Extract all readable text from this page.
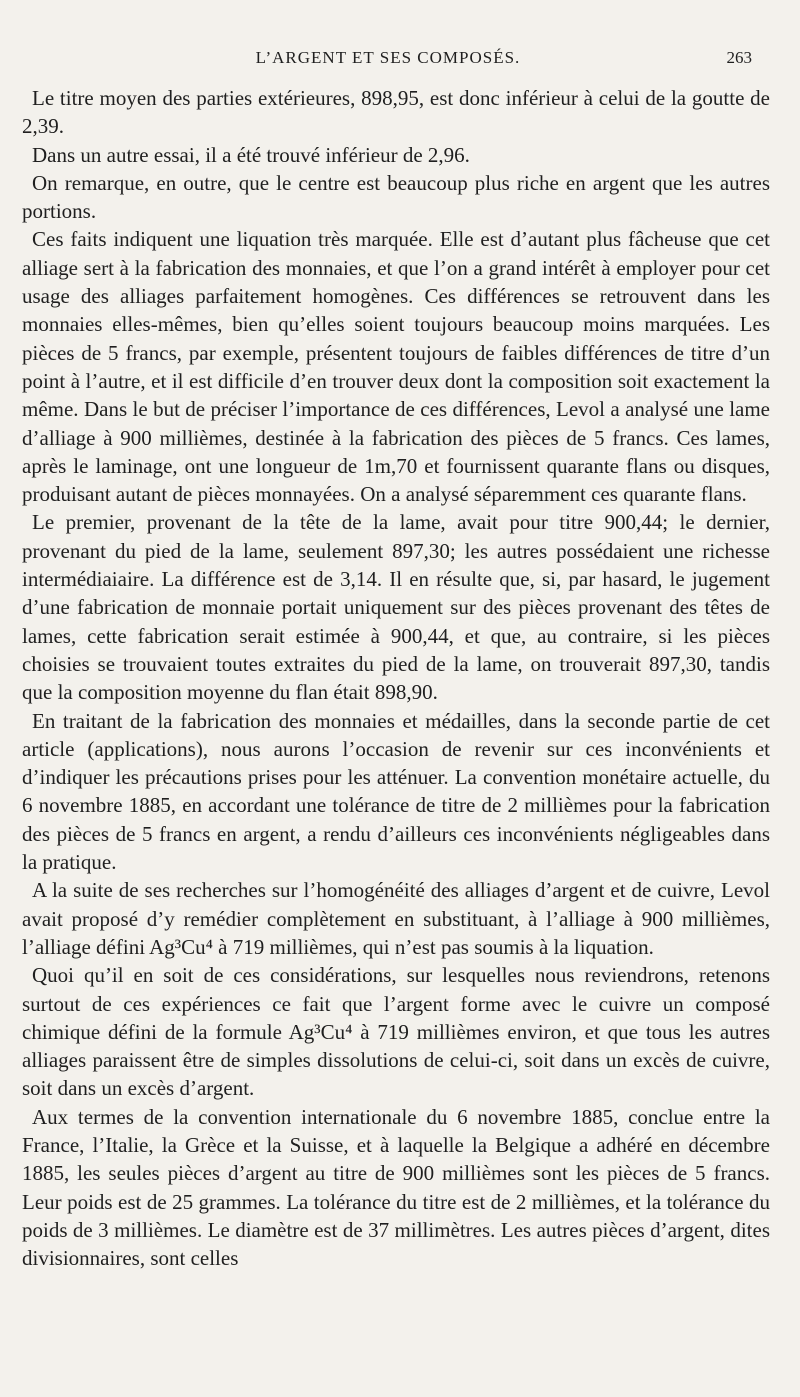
L’ARGENT ET SES COMPOSÉS.	263

Le titre moyen des parties extérieures, 898,95, est donc inférieur à celui de la goutte de 2,39.

Dans un autre essai, il a été trouvé inférieur de 2,96.

On remarque, en outre, que le centre est beaucoup plus riche en argent que les autres portions.

Ces faits indiquent une liquation très marquée. Elle est d’autant plus fâcheuse que cet alliage sert à la fabrication des monnaies, et que l’on a grand intérêt à employer pour cet usage des alliages parfaitement homogènes. Ces différences se retrouvent dans les monnaies elles-mêmes, bien qu’elles soient toujours beaucoup moins marquées. Les pièces de 5 francs, par exemple, présentent toujours de faibles différences de titre d’un point à l’autre, et il est difficile d’en trouver deux dont la composition soit exactement la même. Dans le but de préciser l’importance de ces différences, Levol a analysé une lame d’alliage à 900 millièmes, destinée à la fabrication des pièces de 5 francs. Ces lames, après le laminage, ont une longueur de 1m,70 et fournissent quarante flans ou disques, produisant autant de pièces monnayées. On a analysé séparemment ces quarante flans.

Le premier, provenant de la tête de la lame, avait pour titre 900,44; le dernier, provenant du pied de la lame, seulement 897,30; les autres possédaient une richesse intermédiaiaire. La différence est de 3,14. Il en résulte que, si, par hasard, le jugement d’une fabrication de monnaie portait uniquement sur des pièces provenant des têtes de lames, cette fabrication serait estimée à 900,44, et que, au contraire, si les pièces choisies se trouvaient toutes extraites du pied de la lame, on trouverait 897,30, tandis que la composition moyenne du flan était 898,90.

En traitant de la fabrication des monnaies et médailles, dans la seconde partie de cet article (applications), nous aurons l’occasion de revenir sur ces inconvénients et d’indiquer les précautions prises pour les atténuer. La convention monétaire actuelle, du 6 novembre 1885, en accordant une tolérance de titre de 2 millièmes pour la fabrication des pièces de 5 francs en argent, a rendu d’ailleurs ces inconvénients négligeables dans la pratique.

A la suite de ses recherches sur l’homogénéité des alliages d’argent et de cuivre, Levol avait proposé d’y remédier complètement en substituant, à l’alliage à 900 millièmes, l’alliage défini Ag³Cu⁴ à 719 millièmes, qui n’est pas soumis à la liquation.

Quoi qu’il en soit de ces considérations, sur lesquelles nous reviendrons, retenons surtout de ces expériences ce fait que l’argent forme avec le cuivre un composé chimique défini de la formule Ag³Cu⁴ à 719 millièmes environ, et que tous les autres alliages paraissent être de simples dissolutions de celui-ci, soit dans un excès de cuivre, soit dans un excès d’argent.

Aux termes de la convention internationale du 6 novembre 1885, conclue entre la France, l’Italie, la Grèce et la Suisse, et à laquelle la Belgique a adhéré en décembre 1885, les seules pièces d’argent au titre de 900 millièmes sont les pièces de 5 francs. Leur poids est de 25 grammes. La tolérance du titre est de 2 millièmes, et la tolérance du poids de 3 millièmes. Le diamètre est de 37 millimètres. Les autres pièces d’argent, dites divisionnaires, sont celles
